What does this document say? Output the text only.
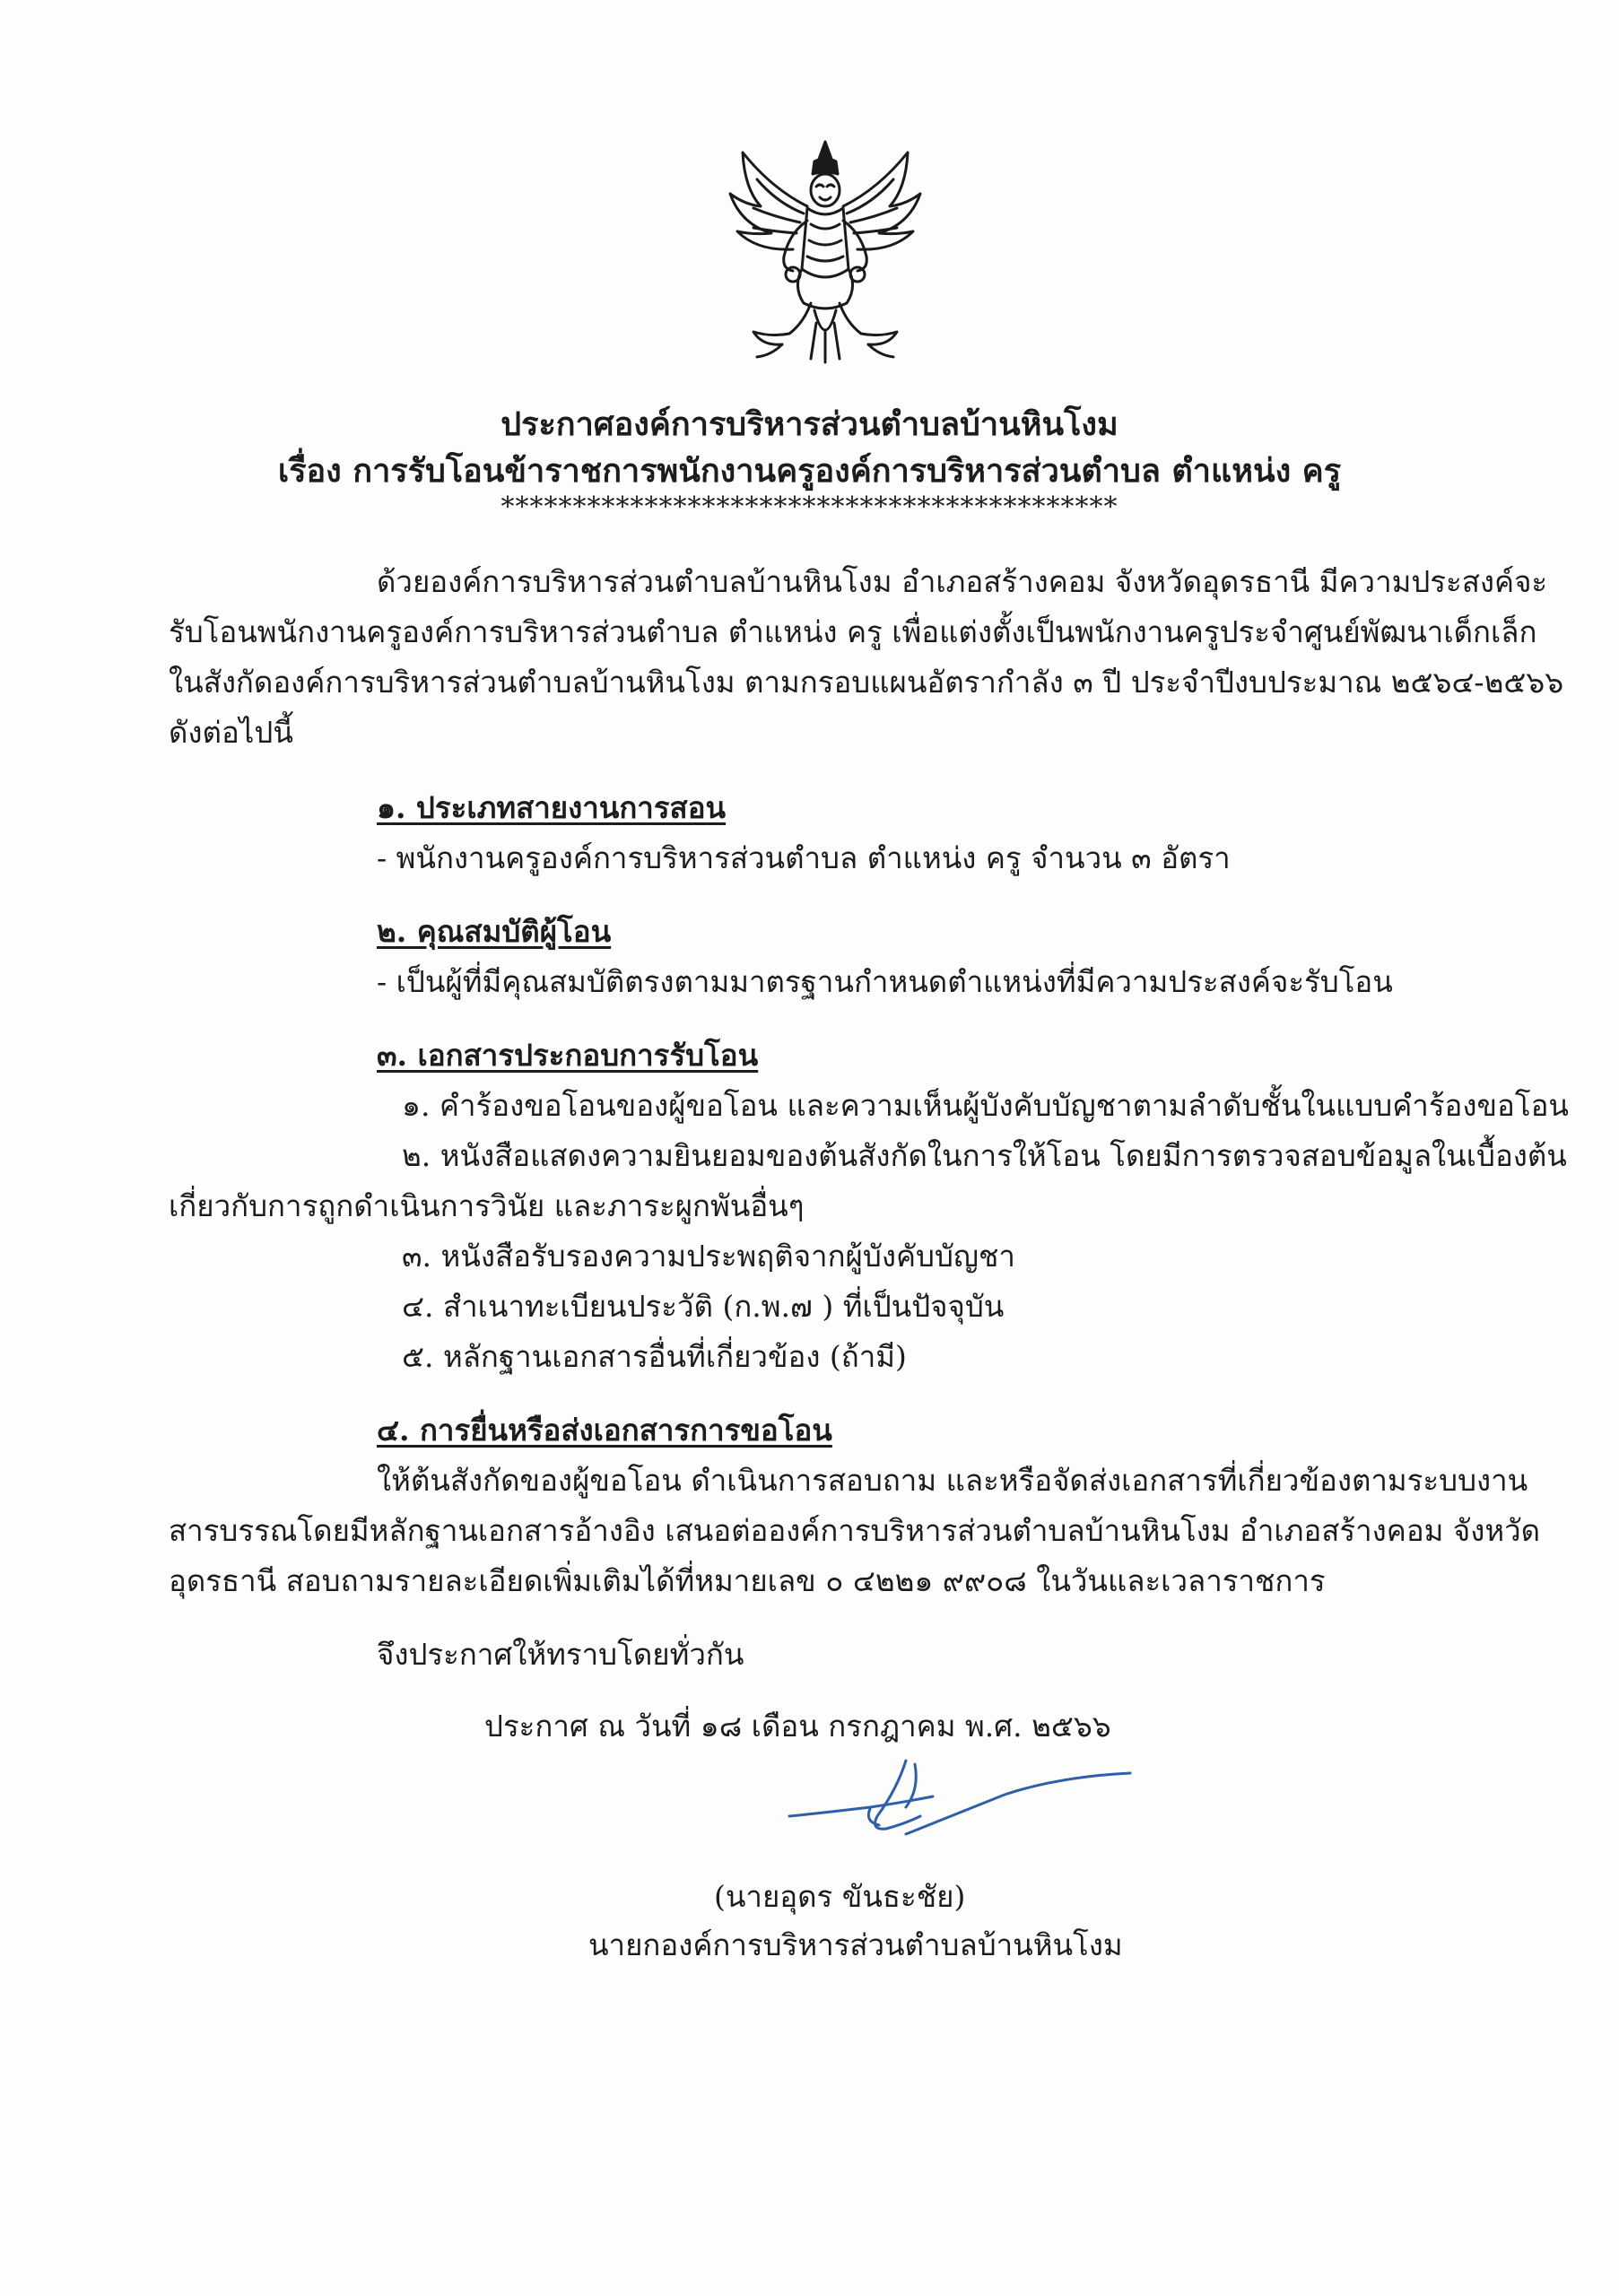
ประกาศองค์การบริหารส่วนตำบลบ้านหินโงม
เรื่อง การรับโอนข้าราชการพนักงานครูองค์การบริหารส่วนตำบล ตำแหน่ง ครู
*******************************************
ด้วยองค์การบริหารส่วนตำบลบ้านหินโงม อำเภอสร้างคอม จังหวัดอุดรธานี มีความประสงค์จะ
รับโอนพนักงานครูองค์การบริหารส่วนตำบล ตำแหน่ง ครู เพื่อแต่งตั้งเป็นพนักงานครูประจำศูนย์พัฒนาเด็กเล็ก
ในสังกัดองค์การบริหารส่วนตำบลบ้านหินโงม ตามกรอบแผนอัตรากำลัง ๓ ปี ประจำปีงบประมาณ ๒๕๖๔-๒๕๖๖
ดังต่อไปนี้
๑. ประเภทสายงานการสอน
- พนักงานครูองค์การบริหารส่วนตำบล ตำแหน่ง ครู จำนวน ๓ อัตรา
๒. คุณสมบัติผู้โอน
- เป็นผู้ที่มีคุณสมบัติตรงตามมาตรฐานกำหนดตำแหน่งที่มีความประสงค์จะรับโอน
๓. เอกสารประกอบการรับโอน
๑. คำร้องขอโอนของผู้ขอโอน และความเห็นผู้บังคับบัญชาตามลำดับชั้นในแบบคำร้องขอโอน
๒. หนังสือแสดงความยินยอมของต้นสังกัดในการให้โอน โดยมีการตรวจสอบข้อมูลในเบื้องต้น
เกี่ยวกับการถูกดำเนินการวินัย และภาระผูกพันอื่นๆ
๓. หนังสือรับรองความประพฤติจากผู้บังคับบัญชา
๔. สำเนาทะเบียนประวัติ (ก.พ.๗ ) ที่เป็นปัจจุบัน
๕. หลักฐานเอกสารอื่นที่เกี่ยวข้อง (ถ้ามี)
๔. การยื่นหรือส่งเอกสารการขอโอน
ให้ต้นสังกัดของผู้ขอโอน ดำเนินการสอบถาม และหรือจัดส่งเอกสารที่เกี่ยวข้องตามระบบงาน
สารบรรณโดยมีหลักฐานเอกสารอ้างอิง เสนอต่อองค์การบริหารส่วนตำบลบ้านหินโงม อำเภอสร้างคอม จังหวัด
อุดรธานี สอบถามรายละเอียดเพิ่มเติมได้ที่หมายเลข ๐ ๔๒๒๑ ๙๙๐๘ ในวันและเวลาราชการ
จึงประกาศให้ทราบโดยทั่วกัน
ประกาศ ณ วันที่ ๑๘ เดือน กรกฎาคม พ.ศ. ๒๕๖๖
(นายอุดร ขันธะชัย)
นายกองค์การบริหารส่วนตำบลบ้านหินโงม
